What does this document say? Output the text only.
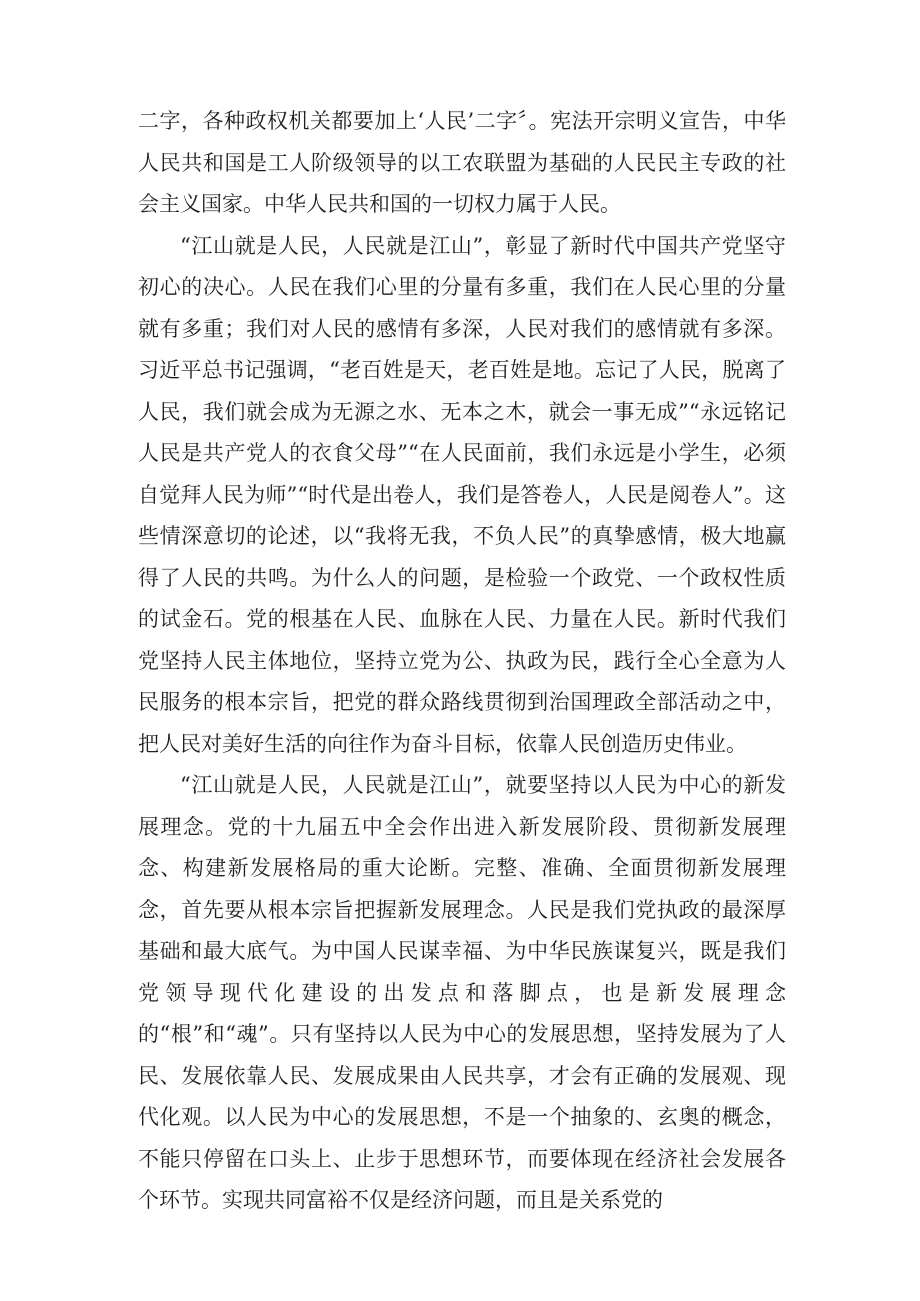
二字，各种政权机关都要加上‘人民’二字〞。宪法开宗明义宣告，中华人民共和国是工人阶级领导的以工农联盟为基础的人民民主专政的社会主义国家。中华人民共和国的一切权力属于人民。

“江山就是人民，人民就是江山”，彰显了新时代中国共产党坚守初心的决心。人民在我们心里的分量有多重，我们在人民心里的分量就有多重；我们对人民的感情有多深，人民对我们的感情就有多深。习近平总书记强调，“老百姓是天，老百姓是地。忘记了人民，脱离了人民，我们就会成为无源之水、无本之木，就会一事无成”“永远铭记人民是共产党人的衣食父母”“在人民面前，我们永远是小学生，必须自觉拜人民为师”“时代是出卷人，我们是答卷人，人民是阅卷人”。这些情深意切的论述，以“我将无我，不负人民”的真挚感情，极大地赢得了人民的共鸣。为什么人的问题，是检验一个政党、一个政权性质的试金石。党的根基在人民、血脉在人民、力量在人民。新时代我们党坚持人民主体地位，坚持立党为公、执政为民，践行全心全意为人民服务的根本宗旨，把党的群众路线贯彻到治国理政全部活动之中，把人民对美好生活的向往作为奋斗目标，依靠人民创造历史伟业。

“江山就是人民，人民就是江山”，就要坚持以人民为中心的新发展理念。党的十九届五中全会作出进入新发展阶段、贯彻新发展理念、构建新发展格局的重大论断。完整、准确、全面贯彻新发展理念，首先要从根本宗旨把握新发展理念。人民是我们党执政的最深厚基础和最大底气。为中国人民谋幸福、为中华民族谋复兴，既是我们党领导现代化建设的出发点和落脚点，也是新发展理念的“根”和“魂”。只有坚持以人民为中心的发展思想，坚持发展为了人民、发展依靠人民、发展成果由人民共享，才会有正确的发展观、现代化观。以人民为中心的发展思想，不是一个抽象的、玄奥的概念，不能只停留在口头上、止步于思想环节，而要体现在经济社会发展各个环节。实现共同富裕不仅是经济问题，而且是关系党的
